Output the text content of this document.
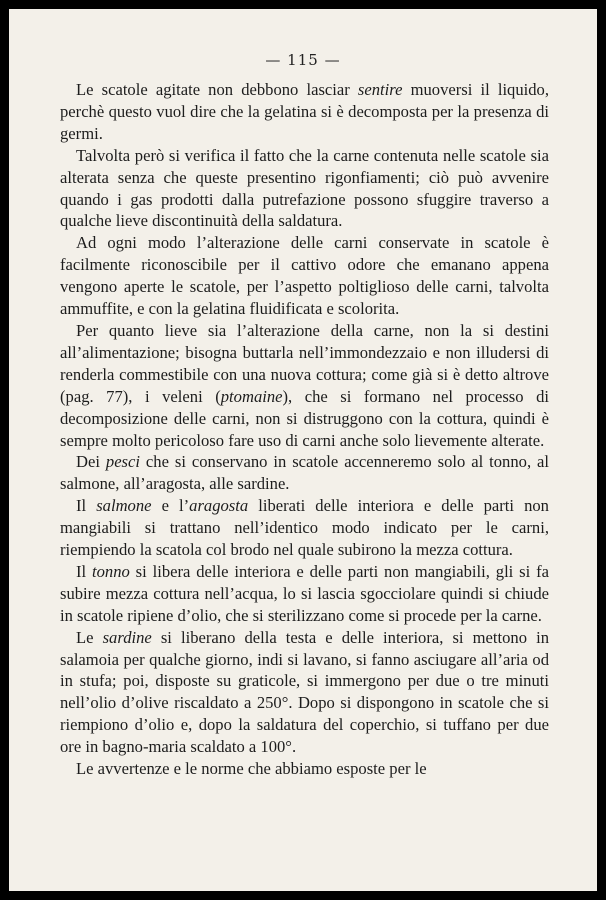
— 115 —

Le scatole agitate non debbono lasciar sentire muoversi il liquido, perchè questo vuol dire che la gelatina si è decomposta per la presenza di germi.

Talvolta però si verifica il fatto che la carne contenuta nelle scatole sia alterata senza che queste presentino rigonfiamenti; ciò può avvenire quando i gas prodotti dalla putrefazione possono sfuggire traverso a qualche lieve discontinuità della saldatura.

Ad ogni modo l’alterazione delle carni conservate in scatole è facilmente riconoscibile per il cattivo odore che emanano appena vengono aperte le scatole, per l’aspetto poltiglioso delle carni, talvolta ammuffite, e con la gelatina fluidificata e scolorita.

Per quanto lieve sia l’alterazione della carne, non la si destini all’alimentazione; bisogna buttarla nell’immondezzaio e non illudersi di renderla commestibile con una nuova cottura; come già si è detto altrove (pag. 77), i veleni (ptomaine), che si formano nel processo di decomposizione delle carni, non si distruggono con la cottura, quindi è sempre molto pericoloso fare uso di carni anche solo lievemente alterate.

Dei pesci che si conservano in scatole accenneremo solo al tonno, al salmone, all’aragosta, alle sardine.

Il salmone e l’aragosta liberati delle interiora e delle parti non mangiabili si trattano nell’identico modo indicato per le carni, riempiendo la scatola col brodo nel quale subirono la mezza cottura.

Il tonno si libera delle interiora e delle parti non mangiabili, gli si fa subire mezza cottura nell’acqua, lo si lascia sgocciolare quindi si chiude in scatole ripiene d’olio, che si sterilizzano come si procede per la carne.

Le sardine si liberano della testa e delle interiora, si mettono in salamoia per qualche giorno, indi si lavano, si fanno asciugare all’aria od in stufa; poi, disposte su graticole, si immergono per due o tre minuti nell’olio d’olive riscaldato a 250°. Dopo si dispongono in scatole che si riempiono d’olio e, dopo la saldatura del coperchio, si tuffano per due ore in bagno-maria scaldato a 100°.

Le avvertenze e le norme che abbiamo esposte per le
